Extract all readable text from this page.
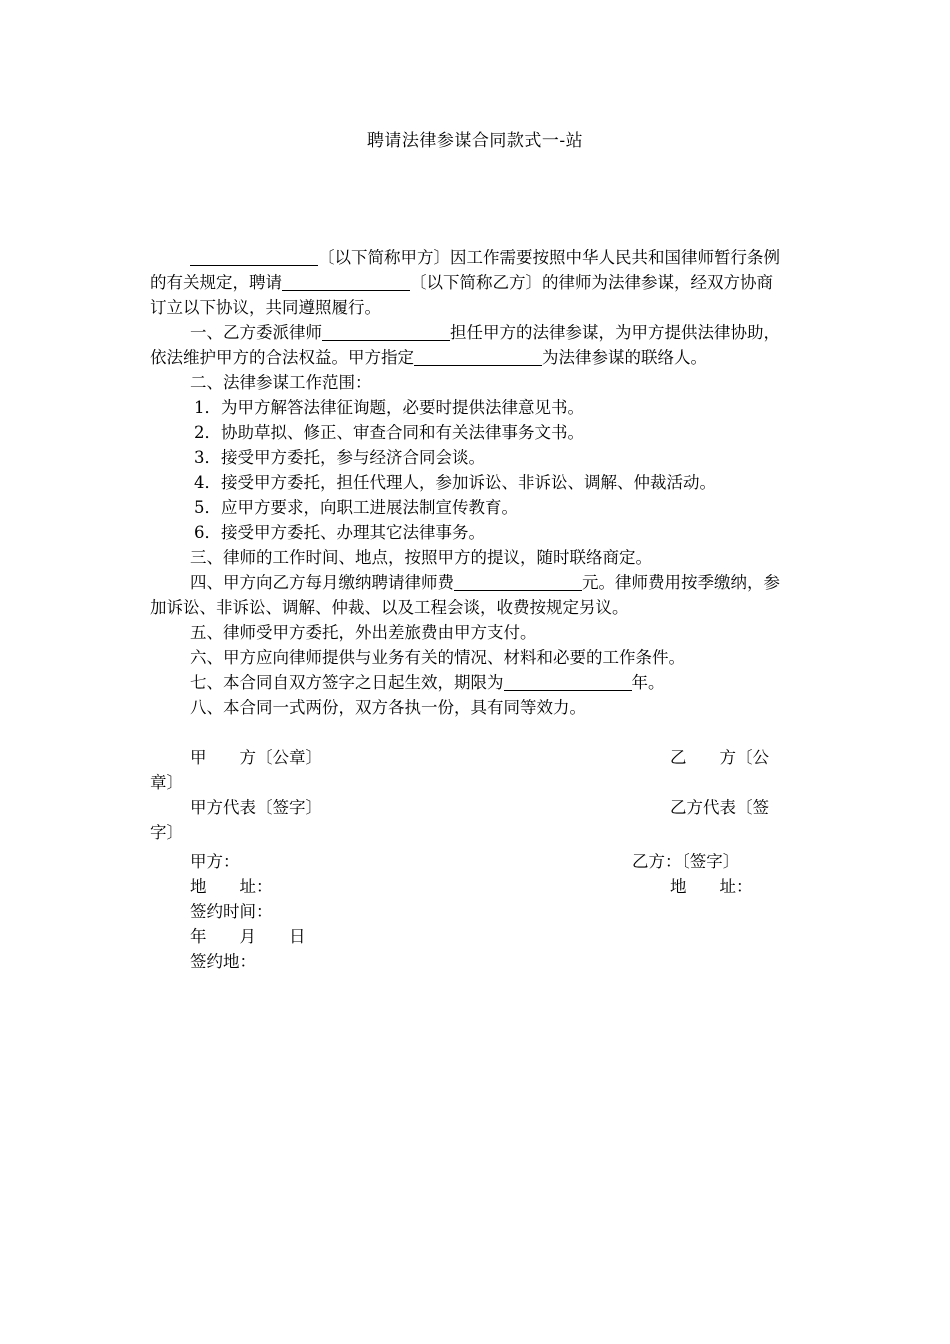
聘请法律参谋合同款式一-站

〔以下简称甲方〕因工作需要按照中华人民共和国律师暂行条例的有关规定，聘请	〔以下简称乙方〕的律师为法律参谋，经双方协商订立以下协议，共同遵照履行。

一、乙方委派律师	担任甲方的法律参谋，为甲方提供法律协助，依法维护甲方的合法权益。甲方指定	为法律参谋的联络人。

二、法律参谋工作范围：

1．为甲方解答法律征询题，必要时提供法律意见书。

2．协助草拟、修正、审查合同和有关法律事务文书。

3．接受甲方委托，参与经济合同会谈。

4．接受甲方委托，担任代理人，参加诉讼、非诉讼、调解、仲裁活动。

5．应甲方要求，向职工进展法制宣传教育。

6．接受甲方委托、办理其它法律事务。

三、律师的工作时间、地点，按照甲方的提议，随时联络商定。

四、甲方向乙方每月缴纳聘请律师费	元。律师费用按季缴纳，参加诉讼、非诉讼、调解、仲裁、以及工程会谈，收费按规定另议。

五、律师受甲方委托，外出差旅费由甲方支付。

六、甲方应向律师提供与业务有关的情况、材料和必要的工作条件。

七、本合同自双方签字之日起生效，期限为	年。

八、本合同一式两份，双方各执一份，具有同等效力。

甲　　方〔公章〕	乙　　方〔公
章〕
甲方代表〔签字〕	乙方代表〔签
字〕
甲方：	乙方：〔签字〕
地　　址：	地　　址：
签约时间：
年　　月　　日
签约地：
